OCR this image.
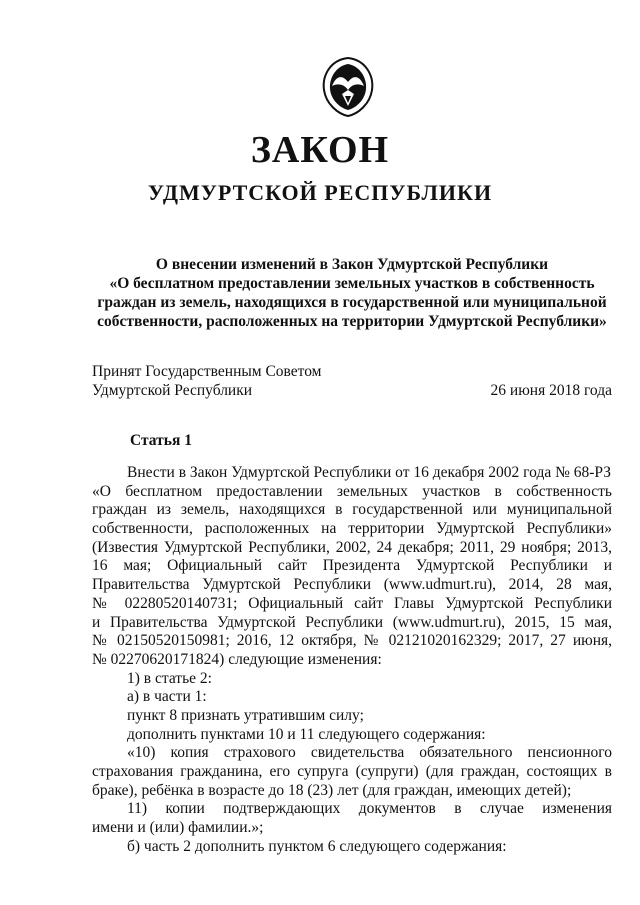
ЗАКОН
УДМУРТСКОЙ РЕСПУБЛИКИ
О внесении изменений в Закон Удмуртской Республики
«О бесплатном предоставлении земельных участков в собственность
граждан из земель, находящихся в государственной или муниципальной
собственности, расположенных на территории Удмуртской Республики»
Принят Государственным Советом
Удмуртской Республики	26 июня 2018 года
Статья 1
Внести в Закон Удмуртской Республики от 16 декабря 2002 года № 68-РЗ
«О бесплатном предоставлении земельных участков в собственность
граждан из земель, находящихся в государственной или муниципальной
собственности, расположенных на территории Удмуртской Республики»
(Известия Удмуртской Республики, 2002, 24 декабря; 2011, 29 ноября; 2013,
16 мая; Официальный сайт Президента Удмуртской Республики и
Правительства Удмуртской Республики (www.udmurt.ru), 2014, 28 мая,
№ 02280520140731; Официальный сайт Главы Удмуртской Республики
и Правительства Удмуртской Республики (www.udmurt.ru), 2015, 15 мая,
№ 02150520150981; 2016, 12 октября, № 02121020162329; 2017, 27 июня,
№ 02270620171824) следующие изменения:
1) в статье 2:
а) в части 1:
пункт 8 признать утратившим силу;
дополнить пунктами 10 и 11 следующего содержания:
«10) копия страхового свидетельства обязательного пенсионного
страхования гражданина, его супруга (супруги) (для граждан, состоящих в
браке), ребёнка в возрасте до 18 (23) лет (для граждан, имеющих детей);
11) копии подтверждающих документов в случае изменения
имени и (или) фамилии.»;
б) часть 2 дополнить пунктом 6 следующего содержания:
